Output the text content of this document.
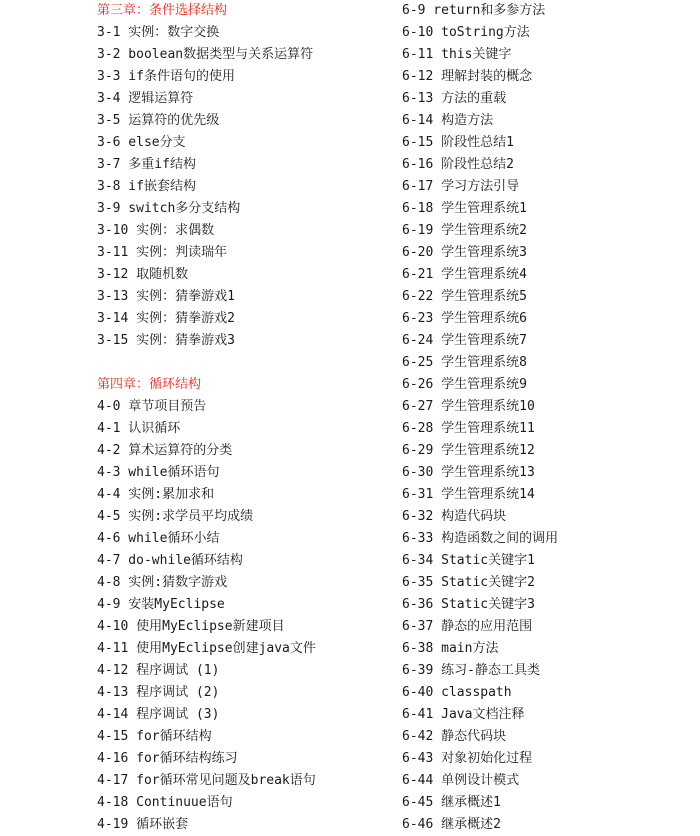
第三章：条件选择结构
3-1 实例：数字交换
3-2 boolean数据类型与关系运算符
3-3 if条件语句的使用
3-4 逻辑运算符
3-5 运算符的优先级
3-6 else分支
3-7 多重if结构
3-8 if嵌套结构
3-9 switch多分支结构
3-10 实例：求偶数
3-11 实例：判读瑞年
3-12 取随机数
3-13 实例：猜拳游戏1
3-14 实例：猜拳游戏2
3-15 实例：猜拳游戏3
第四章：循环结构
4-0 章节项目预告
4-1 认识循环
4-2 算术运算符的分类
4-3 while循环语句
4-4 实例:累加求和
4-5 实例:求学员平均成绩
4-6 while循环小结
4-7 do-while循环结构
4-8 实例:猜数字游戏
4-9 安装MyEclipse
4-10 使用MyEclipse新建项目
4-11 使用MyEclipse创建java文件
4-12 程序调试 (1)
4-13 程序调试 (2)
4-14 程序调试 (3)
4-15 for循环结构
4-16 for循环结构练习
4-17 for循环常见问题及break语句
4-18 Continuue语句
4-19 循环嵌套
6-9 return和多参方法
6-10 toString方法
6-11 this关键字
6-12 理解封装的概念
6-13 方法的重载
6-14 构造方法
6-15 阶段性总结1
6-16 阶段性总结2
6-17 学习方法引导
6-18 学生管理系统1
6-19 学生管理系统2
6-20 学生管理系统3
6-21 学生管理系统4
6-22 学生管理系统5
6-23 学生管理系统6
6-24 学生管理系统7
6-25 学生管理系统8
6-26 学生管理系统9
6-27 学生管理系统10
6-28 学生管理系统11
6-29 学生管理系统12
6-30 学生管理系统13
6-31 学生管理系统14
6-32 构造代码块
6-33 构造函数之间的调用
6-34 Static关键字1
6-35 Static关键字2
6-36 Static关键字3
6-37 静态的应用范围
6-38 main方法
6-39 练习-静态工具类
6-40 classpath
6-41 Java文档注释
6-42 静态代码块
6-43 对象初始化过程
6-44 单例设计模式
6-45 继承概述1
6-46 继承概述2
